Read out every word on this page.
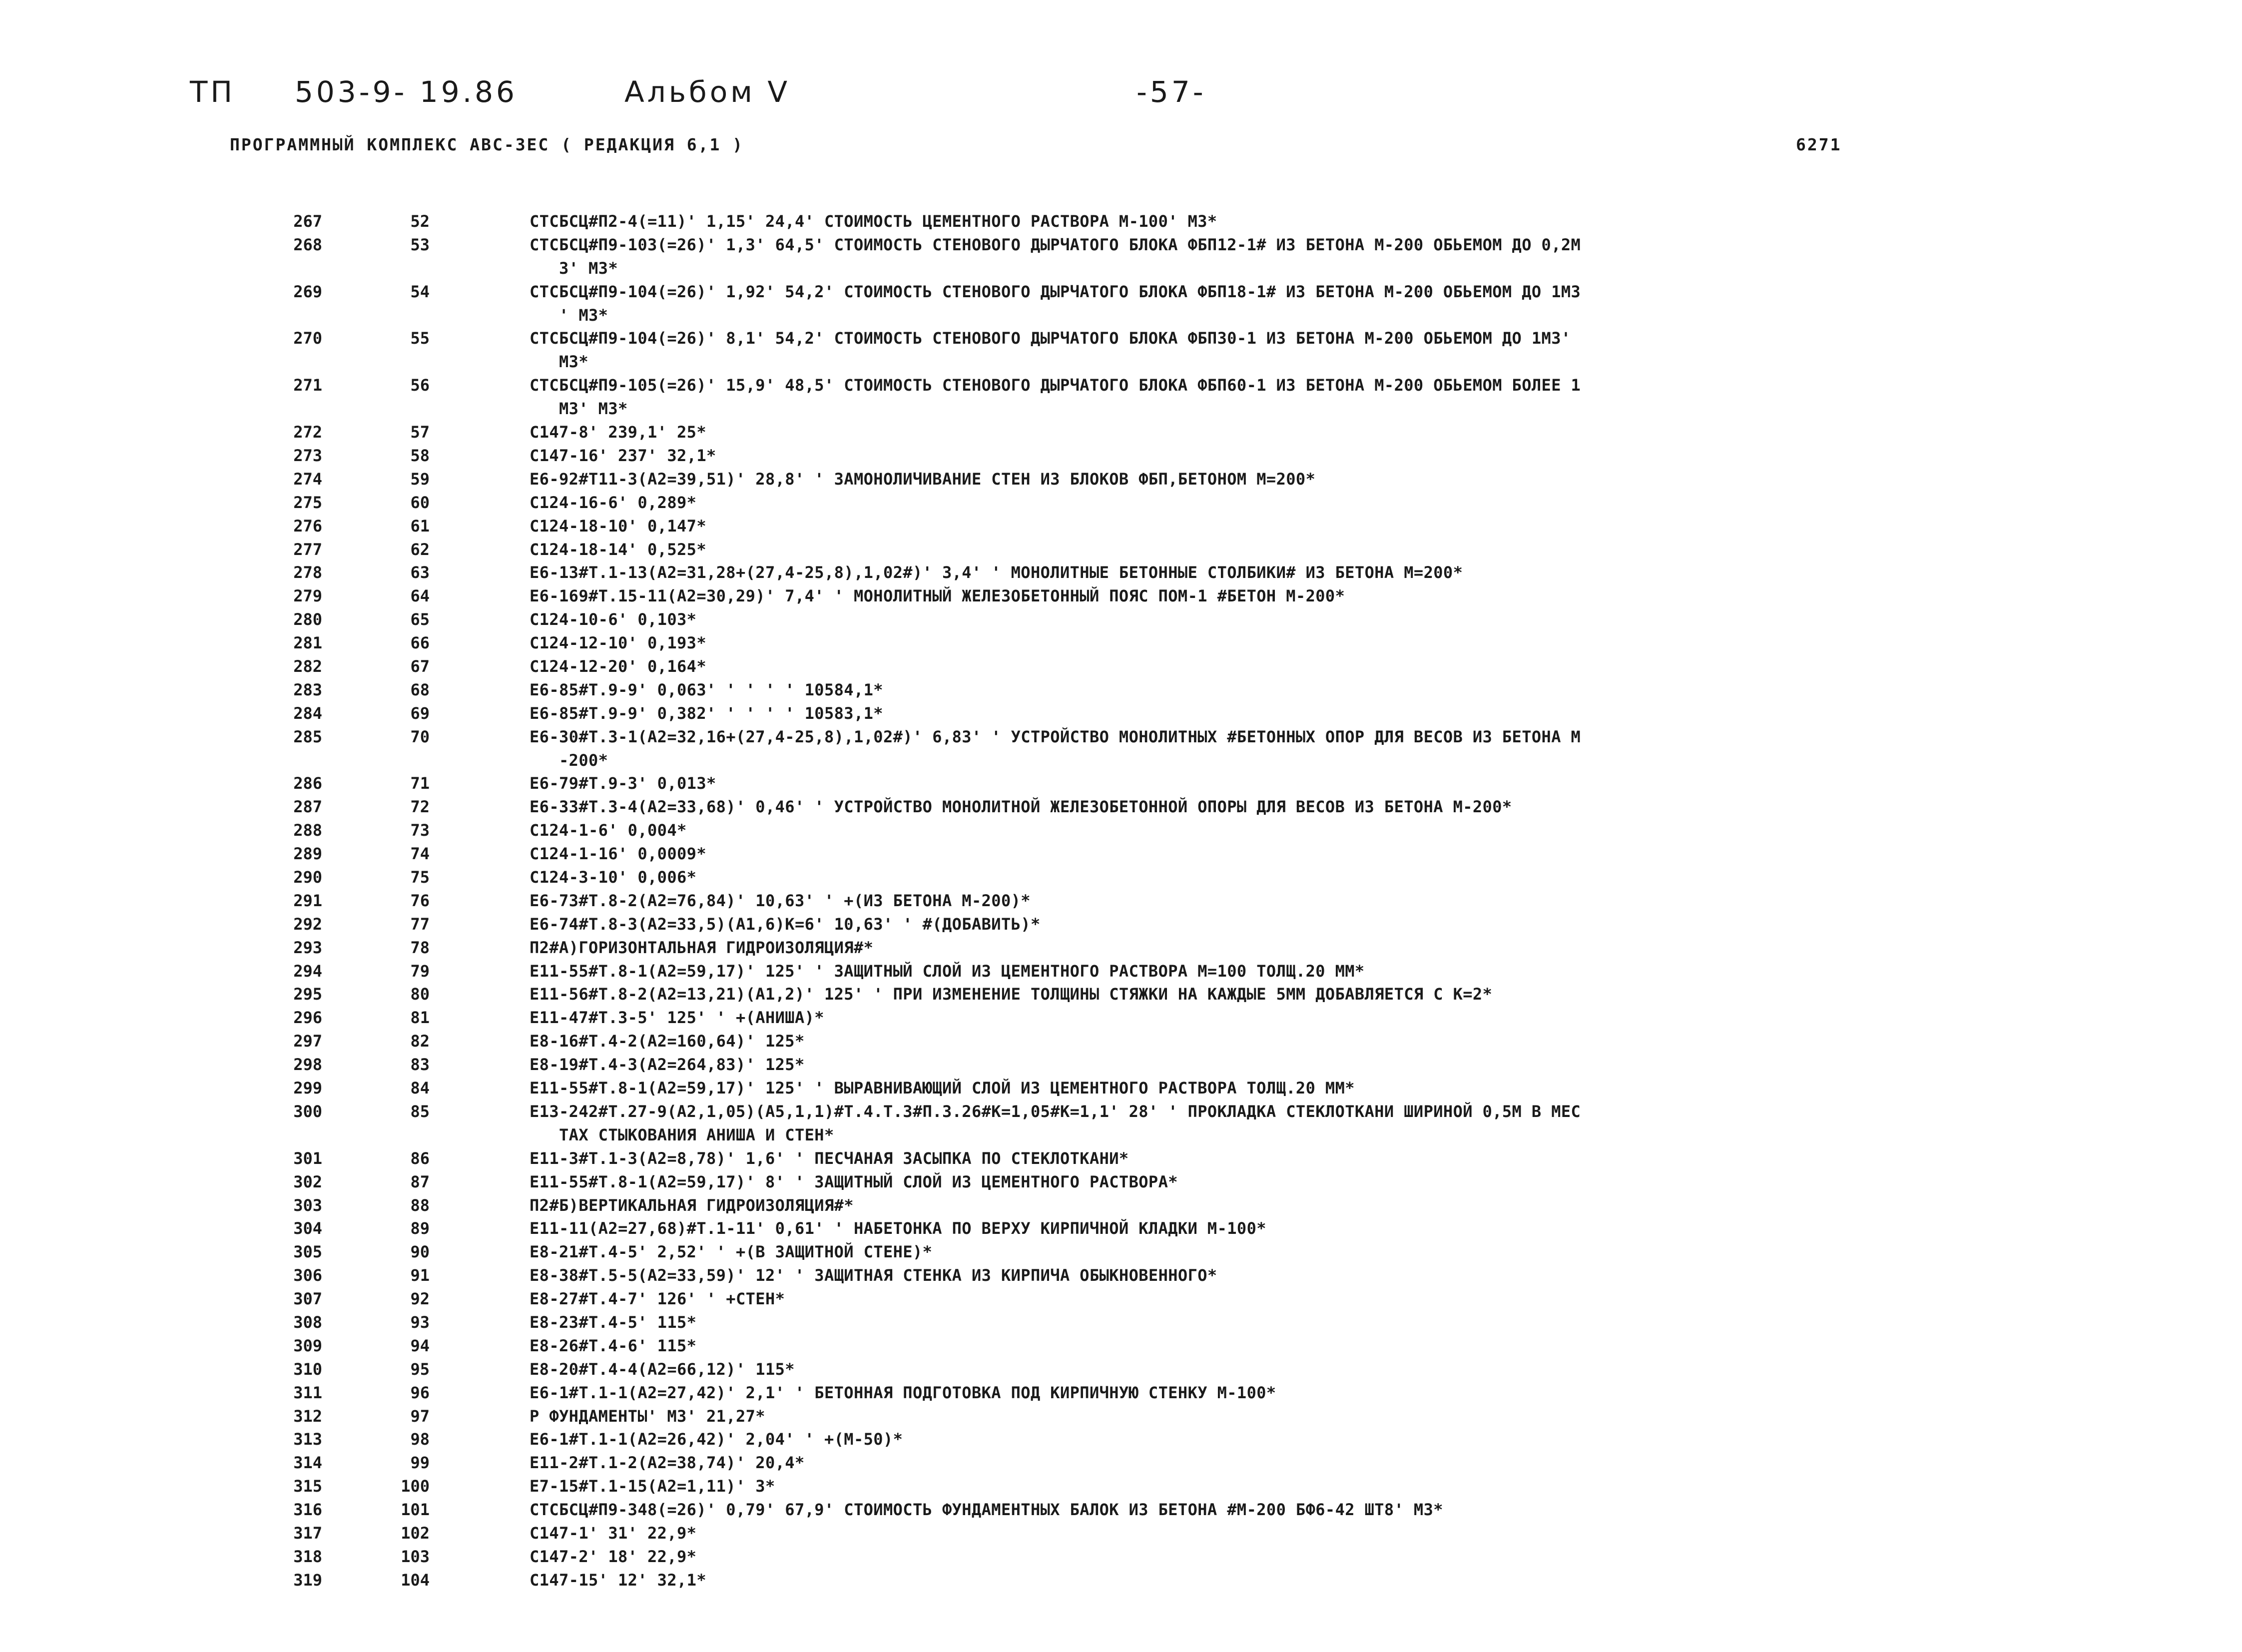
ТП 503-9- 19.86	Альбом V	-57-
ПРОГРАММНЫЙ КОМПЛЕКС АВС-3ЕС ( РЕДАКЦИЯ 6,1 )	6271
267	52	СТСБСЦ#П2-4(=11)' 1,15' 24,4' СТОИМОСТЬ ЦЕМЕНТНОГО РАСТВОРА М-100' М3*
268	53	СТСБСЦ#П9-103(=26)' 1,3' 64,5' СТОИМОСТЬ СТЕНОВОГО ДЫРЧАТОГО БЛОКА ФБП12-1# ИЗ БЕТОНА М-200 ОБЬЕМОМ ДО 0,2М
3' М3*
269	54	СТСБСЦ#П9-104(=26)' 1,92' 54,2' СТОИМОСТЬ СТЕНОВОГО ДЫРЧАТОГО БЛОКА ФБП18-1# ИЗ БЕТОНА М-200 ОБЬЕМОМ ДО 1М3
' М3*
270	55	СТСБСЦ#П9-104(=26)' 8,1' 54,2' СТОИМОСТЬ СТЕНОВОГО ДЫРЧАТОГО БЛОКА ФБП30-1 ИЗ БЕТОНА М-200 ОБЬЕМОМ ДО 1М3'
М3*
271	56	СТСБСЦ#П9-105(=26)' 15,9' 48,5' СТОИМОСТЬ СТЕНОВОГО ДЫРЧАТОГО БЛОКА ФБП60-1 ИЗ БЕТОНА М-200 ОБЬЕМОМ БОЛЕЕ 1
М3' М3*
272	57	С147-8' 239,1' 25*
273	58	С147-16' 237' 32,1*
274	59	Е6-92#Т11-3(А2=39,51)' 28,8' ' ЗАМОНОЛИЧИВАНИЕ СТЕН ИЗ БЛОКОВ ФБП,БЕТОНОМ М=200*
275	60	С124-16-6' 0,289*
276	61	С124-18-10' 0,147*
277	62	С124-18-14' 0,525*
278	63	Е6-13#Т.1-13(А2=31,28+(27,4-25,8),1,02#)' 3,4' ' МОНОЛИТНЫЕ БЕТОННЫЕ СТОЛБИКИ# ИЗ БЕТОНА М=200*
279	64	Е6-169#Т.15-11(А2=30,29)' 7,4' ' МОНОЛИТНЫЙ ЖЕЛЕЗОБЕТОННЫЙ ПОЯС ПОМ-1 #БЕТОН М-200*
280	65	С124-10-6' 0,103*
281	66	С124-12-10' 0,193*
282	67	С124-12-20' 0,164*
283	68	Е6-85#Т.9-9' 0,063' ' ' ' ' 10584,1*
284	69	Е6-85#Т.9-9' 0,382' ' ' ' ' 10583,1*
285	70	Е6-30#Т.3-1(А2=32,16+(27,4-25,8),1,02#)' 6,83' ' УСТРОЙСТВО МОНОЛИТНЫХ #БЕТОННЫХ ОПОР ДЛЯ ВЕСОВ ИЗ БЕТОНА М
-200*
286	71	Е6-79#Т.9-3' 0,013*
287	72	Е6-33#Т.3-4(А2=33,68)' 0,46' ' УСТРОЙСТВО МОНОЛИТНОЙ ЖЕЛЕЗОБЕТОННОЙ ОПОРЫ ДЛЯ ВЕСОВ ИЗ БЕТОНА М-200*
288	73	С124-1-6' 0,004*
289	74	С124-1-16' 0,0009*
290	75	С124-3-10' 0,006*
291	76	Е6-73#Т.8-2(А2=76,84)' 10,63' ' +(ИЗ БЕТОНА М-200)*
292	77	Е6-74#Т.8-3(А2=33,5)(А1,6)К=6' 10,63' ' #(ДОБАВИТЬ)*
293	78	П2#А)ГОРИЗОНТАЛЬНАЯ ГИДРОИЗОЛЯЦИЯ#*
294	79	Е11-55#Т.8-1(А2=59,17)' 125' ' ЗАЩИТНЫЙ СЛОЙ ИЗ ЦЕМЕНТНОГО РАСТВОРА М=100 ТОЛЩ.20 ММ*
295	80	Е11-56#Т.8-2(А2=13,21)(А1,2)' 125' ' ПРИ ИЗМЕНЕНИЕ ТОЛЩИНЫ СТЯЖКИ НА КАЖДЫЕ 5ММ ДОБАВЛЯЕТСЯ С К=2*
296	81	Е11-47#Т.3-5' 125' ' +(АНИША)*
297	82	Е8-16#Т.4-2(А2=160,64)' 125*
298	83	Е8-19#Т.4-3(А2=264,83)' 125*
299	84	Е11-55#Т.8-1(А2=59,17)' 125' ' ВЫРАВНИВАЮЩИЙ СЛОЙ ИЗ ЦЕМЕНТНОГО РАСТВОРА ТОЛЩ.20 ММ*
300	85	Е13-242#Т.27-9(А2,1,05)(А5,1,1)#Т.4.Т.3#П.3.26#К=1,05#К=1,1' 28' ' ПРОКЛАДКА СТЕКЛОТКАНИ ШИРИНОЙ 0,5М В МЕС
ТАХ СТЫКОВАНИЯ АНИША И СТЕН*
301	86	Е11-3#Т.1-3(А2=8,78)' 1,6' ' ПЕСЧАНАЯ ЗАСЫПКА ПО СТЕКЛОТКАНИ*
302	87	Е11-55#Т.8-1(А2=59,17)' 8' ' ЗАЩИТНЫЙ СЛОЙ ИЗ ЦЕМЕНТНОГО РАСТВОРА*
303	88	П2#Б)ВЕРТИКАЛЬНАЯ ГИДРОИЗОЛЯЦИЯ#*
304	89	Е11-11(А2=27,68)#Т.1-11' 0,61' ' НАБЕТОНКА ПО ВЕРХУ КИРПИЧНОЙ КЛАДКИ М-100*
305	90	Е8-21#Т.4-5' 2,52' ' +(В ЗАЩИТНОЙ СТЕНЕ)*
306	91	Е8-38#Т.5-5(А2=33,59)' 12' ' ЗАЩИТНАЯ СТЕНКА ИЗ КИРПИЧА ОБЫКНОВЕННОГО*
307	92	Е8-27#Т.4-7' 126' ' +СТЕН*
308	93	Е8-23#Т.4-5' 115*
309	94	Е8-26#Т.4-6' 115*
310	95	Е8-20#Т.4-4(А2=66,12)' 115*
311	96	Е6-1#Т.1-1(А2=27,42)' 2,1' ' БЕТОННАЯ ПОДГОТОВКА ПОД КИРПИЧНУЮ СТЕНКУ М-100*
312	97	Р ФУНДАМЕНТЫ' М3' 21,27*
313	98	Е6-1#Т.1-1(А2=26,42)' 2,04' ' +(М-50)*
314	99	Е11-2#Т.1-2(А2=38,74)' 20,4*
315	100	Е7-15#Т.1-15(А2=1,11)' 3*
316	101	СТСБСЦ#П9-348(=26)' 0,79' 67,9' СТОИМОСТЬ ФУНДАМЕНТНЫХ БАЛОК ИЗ БЕТОНА #М-200 БФ6-42 ШТ8' М3*
317	102	С147-1' 31' 22,9*
318	103	С147-2' 18' 22,9*
319	104	С147-15' 12' 32,1*
